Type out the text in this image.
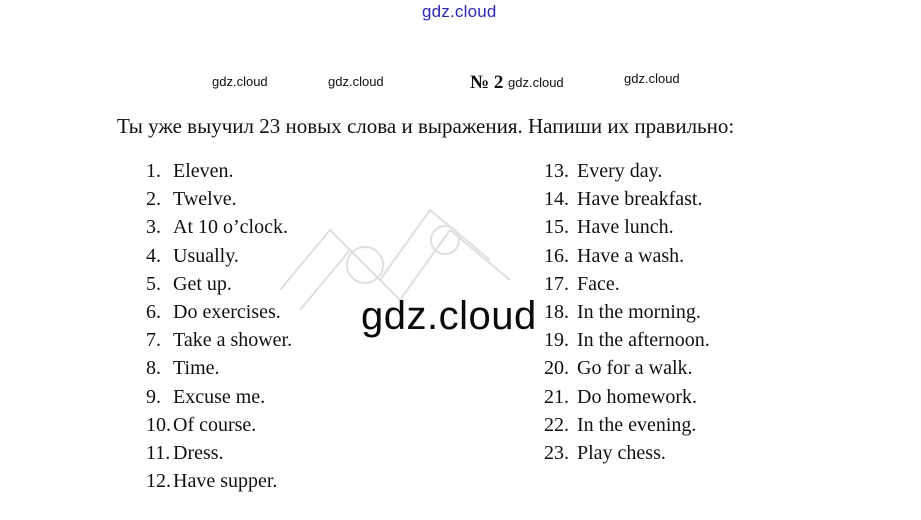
gdz.cloud
gdz.cloud	gdz.cloud	№ 2 gdz.cloud	gdz.cloud
Ты уже выучил 23 новых слова и выражения. Напиши их правильно:
1. Eleven.
2. Twelve.
3. At 10 o’clock.
4. Usually.
5. Get up.
6. Do exercises.
7. Take a shower.
8. Time.
9. Excuse me.
10. Of course.
11. Dress.
12. Have supper.
13. Every day.
14. Have breakfast.
15. Have lunch.
16. Have a wash.
17. Face.
18. In the morning.
19. In the afternoon.
20. Go for a walk.
21. Do homework.
22. In the evening.
23. Play chess.
gdz.cloud
